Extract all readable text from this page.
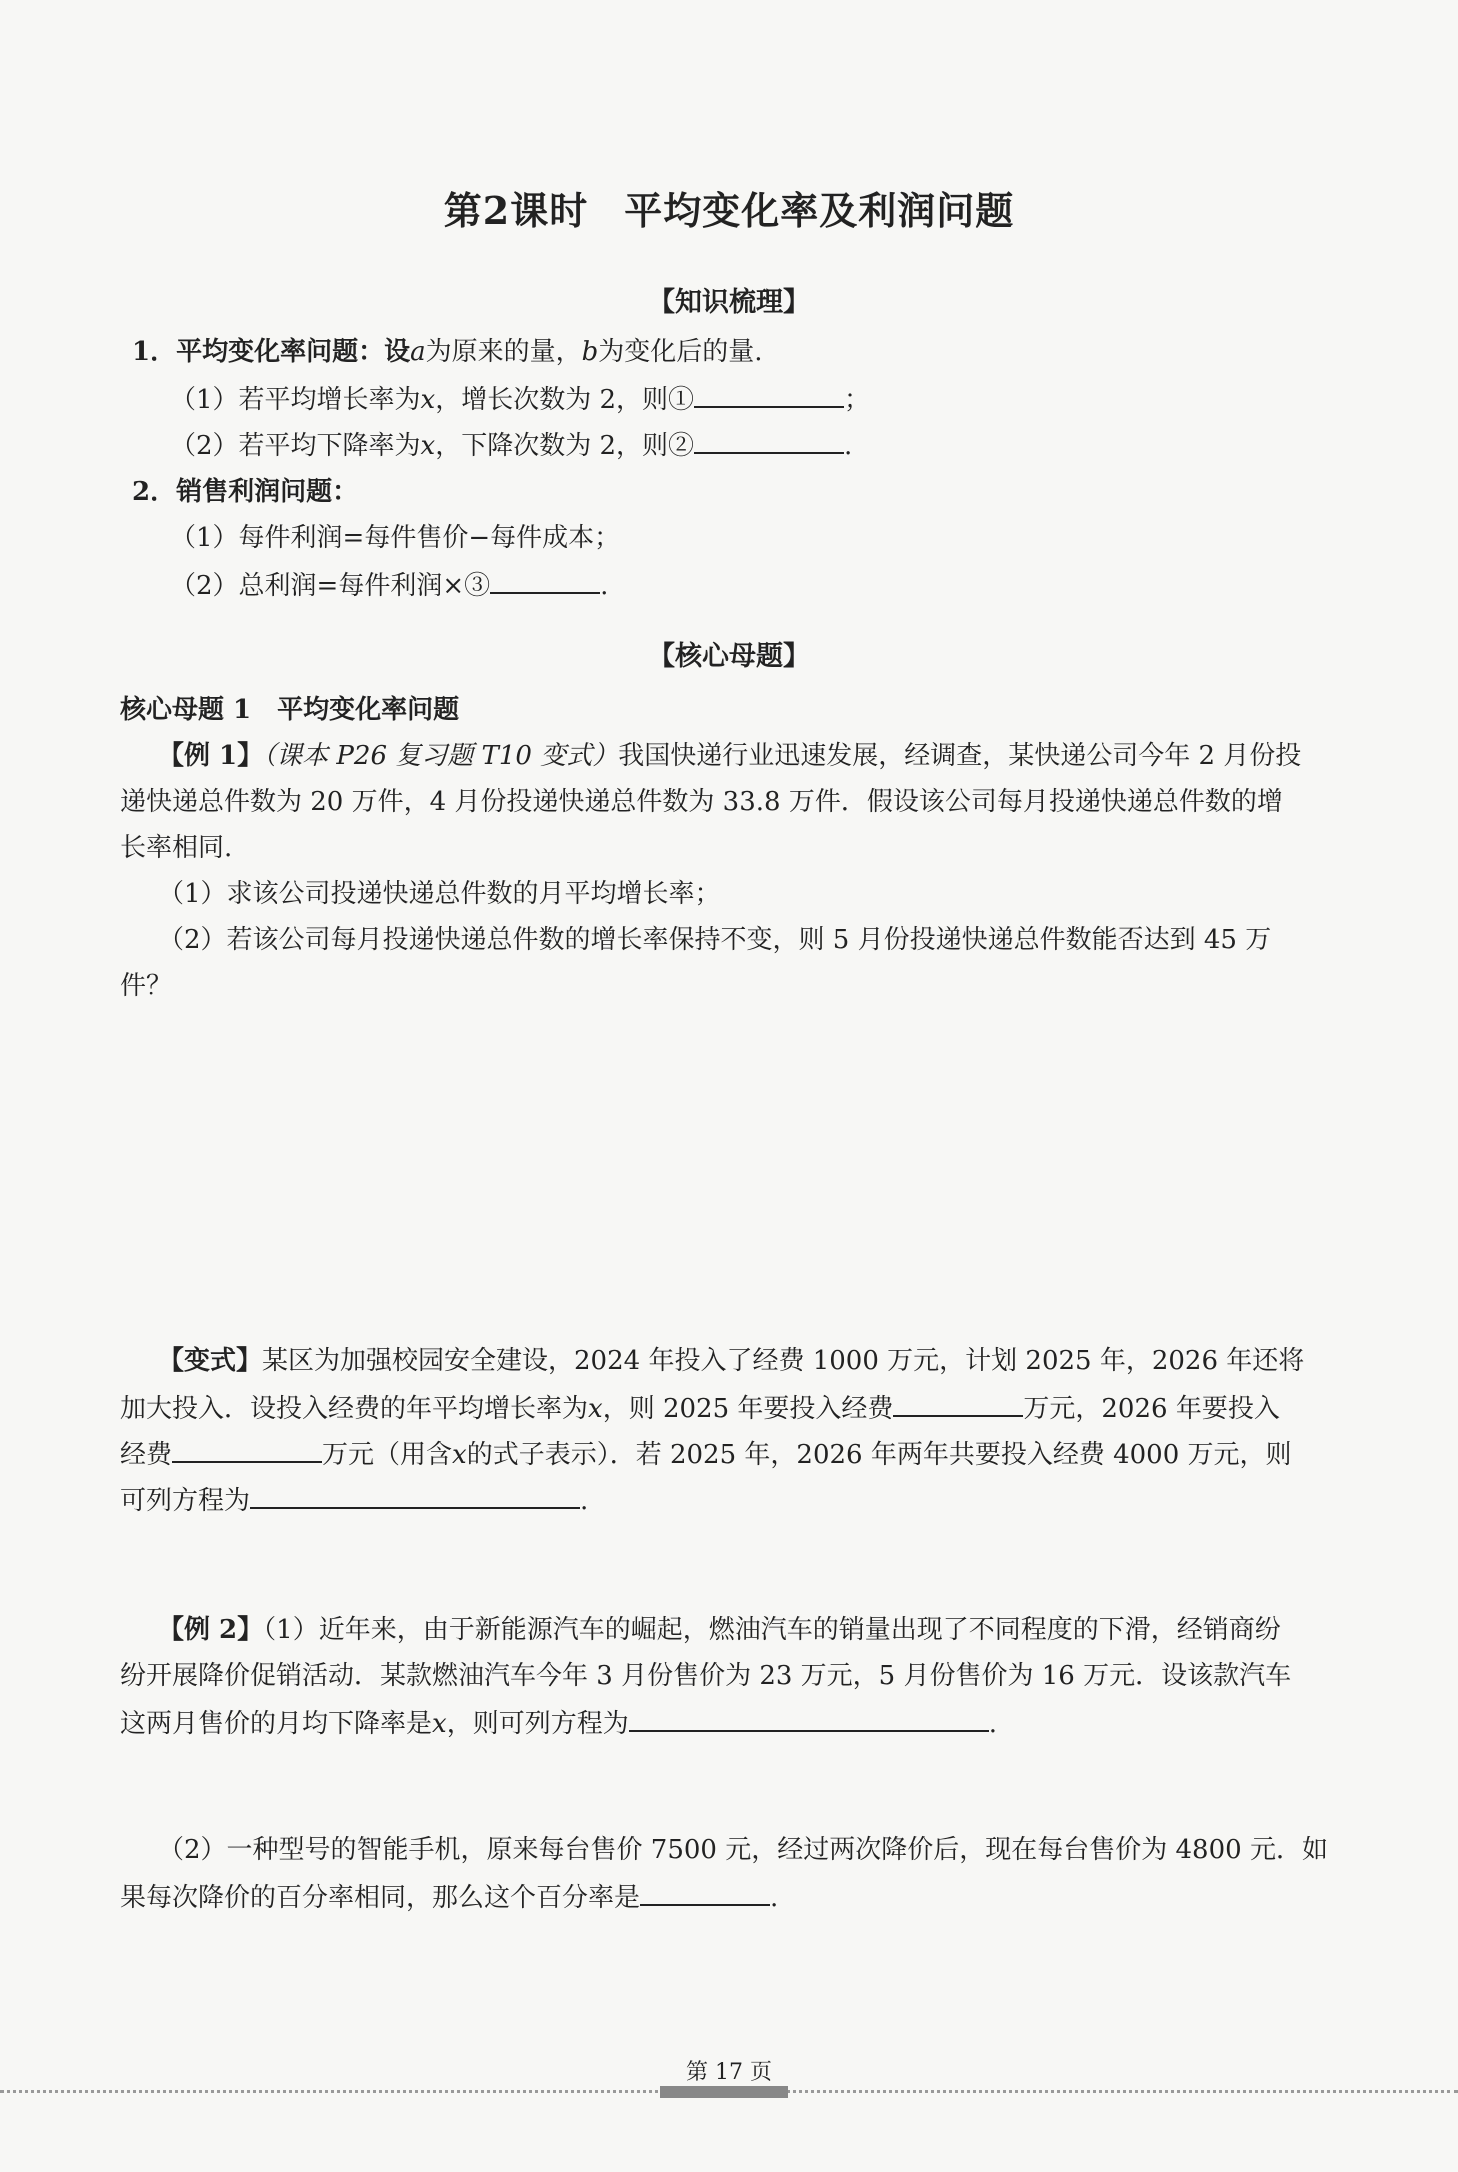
第2课时 平均变化率及利润问题
【知识梳理】
1．平均变化率问题：设a为原来的量，b为变化后的量.
（1）若平均增长率为x，增长次数为 2，则①	；
（2）若平均下降率为x，下降次数为 2，则②	.
2．销售利润问题：
（1）每件利润=每件售价−每件成本；
（2）总利润=每件利润×③	.
【核心母题】
核心母题 1　平均变化率问题
【例 1】（课本 P26 复习题 T10 变式）我国快递行业迅速发展，经调查，某快递公司今年 2 月份投
递快递总件数为 20 万件，4 月份投递快递总件数为 33.8 万件．假设该公司每月投递快递总件数的增
长率相同.
（1）求该公司投递快递总件数的月平均增长率；
（2）若该公司每月投递快递总件数的增长率保持不变，则 5 月份投递快递总件数能否达到 45 万
件？
【变式】某区为加强校园安全建设，2024 年投入了经费 1000 万元，计划 2025 年，2026 年还将
加大投入．设投入经费的年平均增长率为x，则 2025 年要投入经费	万元，2026 年要投入
经费	万元（用含x的式子表示）．若 2025 年，2026 年两年共要投入经费 4000 万元，则
可列方程为	.
【例 2】（1）近年来，由于新能源汽车的崛起，燃油汽车的销量出现了不同程度的下滑，经销商纷
纷开展降价促销活动．某款燃油汽车今年 3 月份售价为 23 万元，5 月份售价为 16 万元．设该款汽车
这两月售价的月均下降率是x，则可列方程为	.
（2）一种型号的智能手机，原来每台售价 7500 元，经过两次降价后，现在每台售价为 4800 元．如
果每次降价的百分率相同，那么这个百分率是	.
第 17 页
